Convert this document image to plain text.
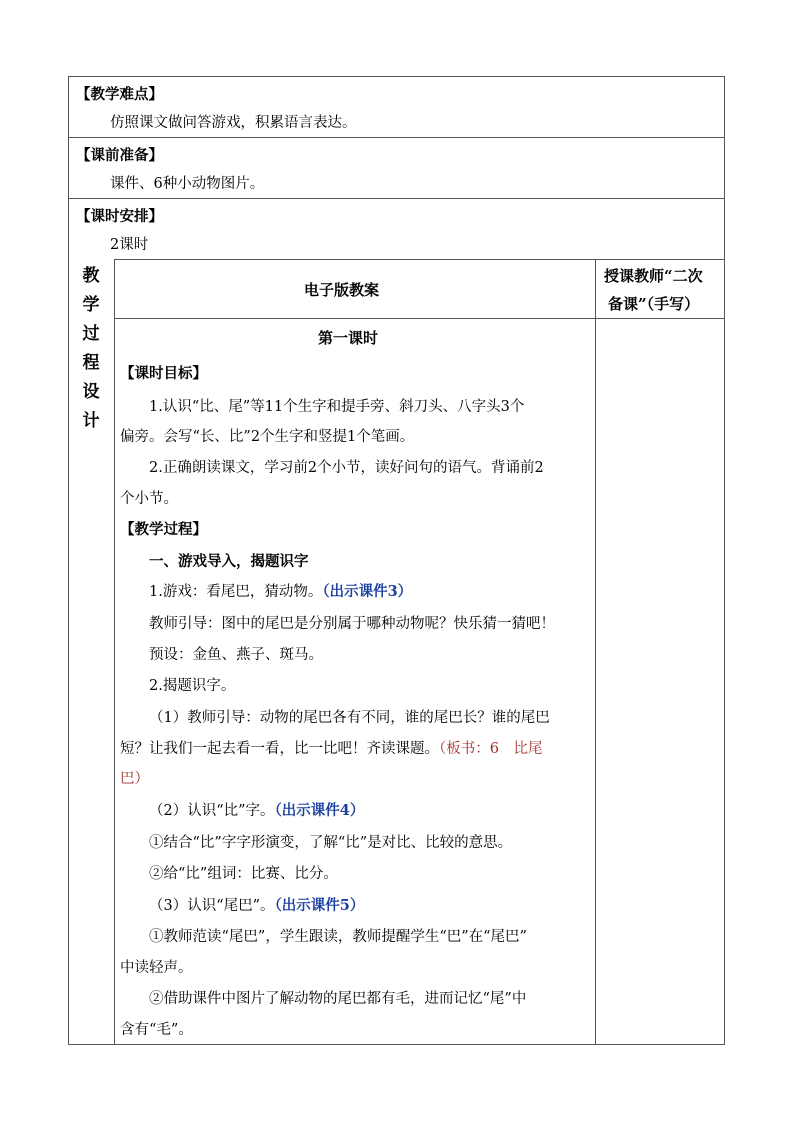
【教学难点】
仿照课文做问答游戏，积累语言表达。
【课前准备】
课件、6种小动物图片。
【课时安排】
2课时
教
学
过
程
设
计
电子版教案
授课教师“二次
备课”（手写）
第一课时
【课时目标】
1.认识“比、尾”等11个生字和提手旁、斜刀头、八字头3个
偏旁。会写“长、比”2个生字和竖提1个笔画。
2.正确朗读课文，学习前2个小节，读好问句的语气。背诵前2
个小节。
【教学过程】
一、游戏导入，揭题识字
1.游戏：看尾巴，猜动物。（出示课件3）
教师引导：图中的尾巴是分别属于哪种动物呢？快乐猜一猜吧！
预设：金鱼、燕子、斑马。
2.揭题识字。
（1）教师引导：动物的尾巴各有不同，谁的尾巴长？谁的尾巴
短？让我们一起去看一看，比一比吧！齐读课题。（板书：6　比尾
巴）
（2）认识“比”字。（出示课件4）
①结合“比”字字形演变，了解“比”是对比、比较的意思。
②给“比”组词：比赛、比分。
（3）认识“尾巴”。（出示课件5）
①教师范读“尾巴”，学生跟读，教师提醒学生“巴”在“尾巴”
中读轻声。
②借助课件中图片了解动物的尾巴都有毛，进而记忆“尾”中
含有“毛”。
